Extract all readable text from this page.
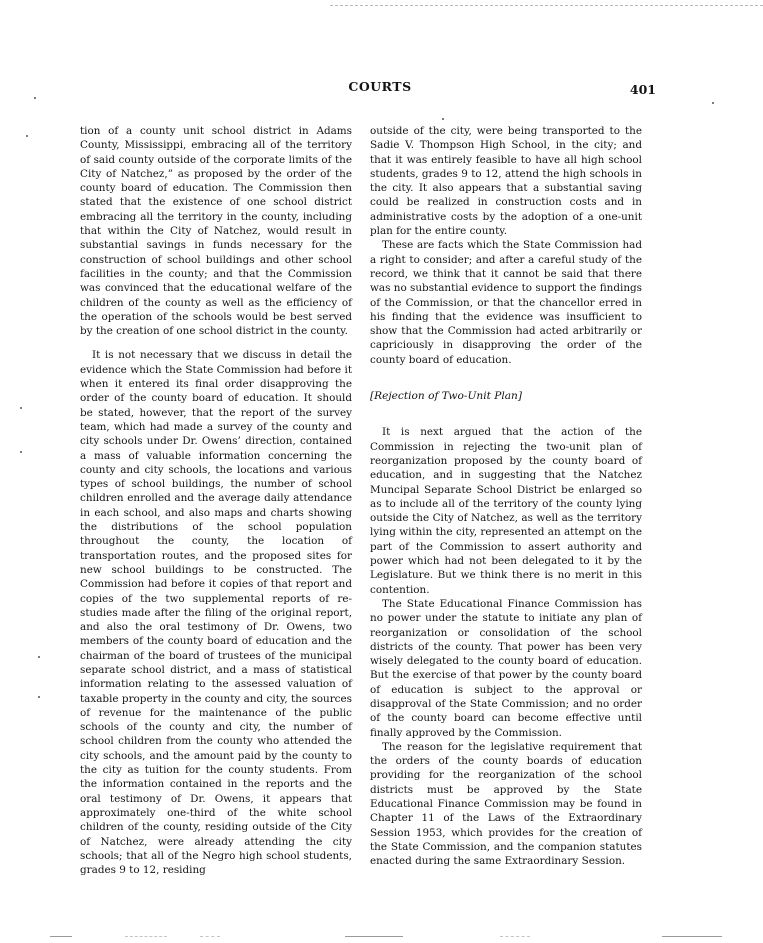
COURTS	401

tion of a county unit school district in Adams County, Mississippi, embracing all of the territory of said county outside of the corporate limits of the City of Natchez,” as proposed by the order of the county board of education. The Commission then stated that the existence of one school district embracing all the territory in the county, including that within the City of Natchez, would result in substantial savings in funds necessary for the construction of school buildings and other school facilities in the county; and that the Commission was convinced that the educational welfare of the children of the county as well as the efficiency of the operation of the schools would be best served by the creation of one school district in the county.

It is not necessary that we discuss in detail the evidence which the State Commission had before it when it entered its final order disapproving the order of the county board of education. It should be stated, however, that the report of the survey team, which had made a survey of the county and city schools under Dr. Owens’ direction, contained a mass of valuable information concerning the county and city schools, the locations and various types of school buildings, the number of school children enrolled and the average daily attendance in each school, and also maps and charts showing the distributions of the school population throughout the county, the location of transportation routes, and the proposed sites for new school buildings to be constructed. The Commission had before it copies of that report and copies of the two supplemental reports of re-studies made after the filing of the original report, and also the oral testimony of Dr. Owens, two members of the county board of education and the chairman of the board of trustees of the municipal separate school district, and a mass of statistical information relating to the assessed valuation of taxable property in the county and city, the sources of revenue for the maintenance of the public schools of the county and city, the number of school children from the county who attended the city schools, and the amount paid by the county to the city as tuition for the county students. From the information contained in the reports and the oral testimony of Dr. Owens, it appears that approximately one-third of the white school children of the county, residing outside of the City of Natchez, were already attending the city schools; that all of the Negro high school students, grades 9 to 12, residing

outside of the city, were being transported to the Sadie V. Thompson High School, in the city; and that it was entirely feasible to have all high school students, grades 9 to 12, attend the high schools in the city. It also appears that a substantial saving could be realized in construction costs and in administrative costs by the adoption of a one-unit plan for the entire county.

These are facts which the State Commission had a right to consider; and after a careful study of the record, we think that it cannot be said that there was no substantial evidence to support the findings of the Commission, or that the chancellor erred in his finding that the evidence was insufficient to show that the Commission had acted arbitrarily or capriciously in disapproving the order of the county board of education.

[Rejection of Two-Unit Plan]

It is next argued that the action of the Commission in rejecting the two-unit plan of reorganization proposed by the county board of education, and in suggesting that the Natchez Muncipal Separate School District be enlarged so as to include all of the territory of the county lying outside the City of Natchez, as well as the territory lying within the city, represented an attempt on the part of the Commission to assert authority and power which had not been delegated to it by the Legislature. But we think there is no merit in this contention.

The State Educational Finance Commission has no power under the statute to initiate any plan of reorganization or consolidation of the school districts of the county. That power has been very wisely delegated to the county board of education. But the exercise of that power by the county board of education is subject to the approval or disapproval of the State Commission; and no order of the county board can become effective until finally approved by the Commission.

The reason for the legislative requirement that the orders of the county boards of education providing for the reorganization of the school districts must be approved by the State Educational Finance Commission may be found in Chapter 11 of the Laws of the Extraordinary Session 1953, which provides for the creation of the State Commission, and the companion statutes enacted during the same Extraordinary Session.
